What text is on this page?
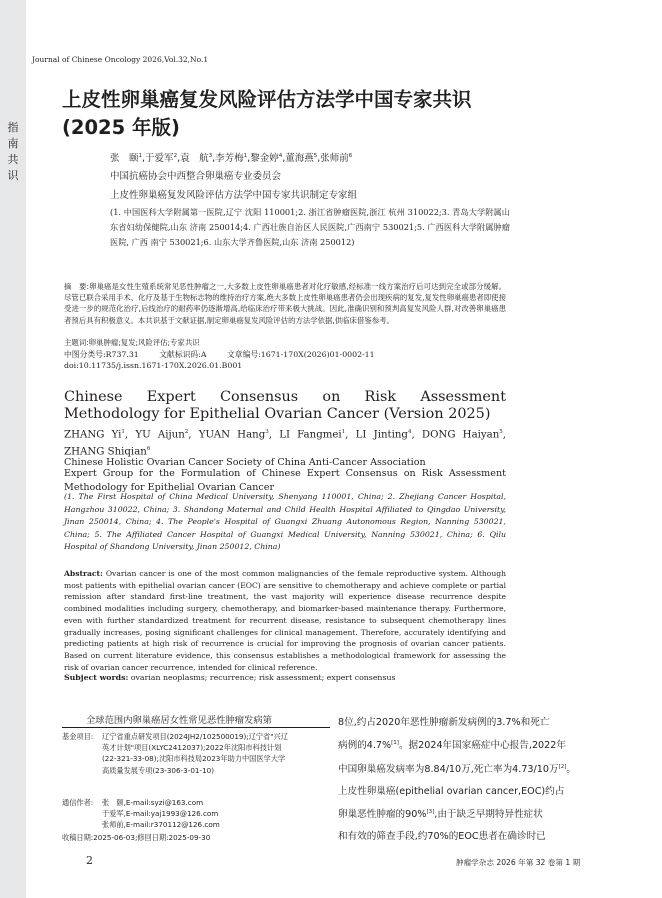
指南共识
Journal of Chinese Oncology 2026,Vol.32,No.1
上皮性卵巢癌复发风险评估方法学中国专家共识(2025 年版)
张　颐$^1$,于爱军$^2$,袁　航$^3$,李芳梅$^1$,黎金婷$^4$,董海燕$^5$,张师前$^6$
中国抗癌协会中西整合卵巢癌专业委员会
上皮性卵巢癌复发风险评估方法学中国专家共识制定专家组
(1. 中国医科大学附属第一医院,辽宁 沈阳 110001;2. 浙江省肿瘤医院,浙江 杭州 310022;3. 青岛大学附属山东省妇幼保健院,山东 济南 250014;4. 广西壮族自治区人民医院,广西南宁 530021;5. 广西医科大学附属肿瘤医院, 广西 南宁 530021;6. 山东大学齐鲁医院,山东 济南 250012)
摘　要:卵巢癌是女性生殖系统常见恶性肿瘤之一,大多数上皮性卵巢癌患者对化疗敏感,经标准一线方案治疗后可达到完全或部分缓解。尽管已联合采用手术、化疗及基于生物标志物的维持治疗方案,绝大多数上皮性卵巢癌患者仍会出现疾病的复发,复发性卵巢癌患者即使接受进一步的规范化治疗,后线治疗的耐药率仍逐渐增高,给临床治疗带来极大挑战。因此,准确识别和预判高复发风险人群,对改善卵巢癌患者预后具有积极意义。本共识基于文献证据,制定卵巢癌复发风险评估的方法学依据,供临床借鉴参考。
主题词:卵巢肿瘤;复发;风险评估;专家共识
中图分类号:R737.31	文献标识码:A	文章编号:1671-170X(2026)01-0002-11
doi:10.11735/j.issn.1671-170X.2026.01.B001
Chinese Expert Consensus on Risk Assessment Methodology for Epithelial Ovarian Cancer (Version 2025)
ZHANG Yi$^1$, YU Aijun$^2$, YUAN Hang$^3$, LI Fangmei$^1$, LI Jinting$^4$, DONG Haiyan$^5$, ZHANG Shiqian$^6$
Chinese Holistic Ovarian Cancer Society of China Anti-Cancer Association
Expert Group for the Formulation of Chinese Expert Consensus on Risk Assessment Methodology for Epithelial Ovarian Cancer
(1. The First Hospital of China Medical University, Shenyang 110001, China; 2. Zhejiang Cancer Hospital, Hangzhou 310022, China; 3. Shandong Maternal and Child Health Hospital Affiliated to Qingdao University, Jinan 250014, China; 4. The People's Hospital of Guangxi Zhuang Autonomous Region, Nanning 530021, China; 5. The Affiliated Cancer Hospital of Guangxi Medical University, Nanning 530021, China; 6. Qilu Hospital of Shandong University, Jinan 250012, China)
Abstract: Ovarian cancer is one of the most common malignancies of the female reproductive system. Although most patients with epithelial ovarian cancer (EOC) are sensitive to chemotherapy and achieve complete or partial remission after standard first-line treatment, the vast majority will experience disease recurrence despite combined modalities including surgery, chemotherapy, and biomarker-based maintenance therapy. Furthermore, even with further standardized treatment for recurrent disease, resistance to subsequent chemotherapy lines gradually increases, posing significant challenges for clinical management. Therefore, accurately identifying and predicting patients at high risk of recurrence is crucial for improving the prognosis of ovarian cancer patients. Based on current literature evidence, this consensus establishes a methodological framework for assessing the risk of ovarian cancer recurrence, intended for clinical reference.
Subject words: ovarian neoplasms; recurrence; risk assessment; expert consensus
全球范围内卵巢癌居女性常见恶性肿瘤发病第
基金项目: 辽宁省重点研发项目(2024JH2/102500019);辽宁省"兴辽
英才计划"项目(XLYC2412037);2022年沈阳市科技计划
(22-321-33-08);沈阳市科技局2023年助力中国医学大学
高质量发展专项(23-306-3-01-10)
通信作者: 张　颐,E-mail:syzi@163.com
于爱军,E-mail:yaj1993@126.com
张师前,E-mail:r370112@126.com
收稿日期:2025-06-03;修回日期:2025-09-30
8位,约占2020年恶性肿瘤新发病例的3.7%和死亡
病例的4.7%[1]。据2024年国家癌症中心报告,2022年
中国卵巢癌发病率为8.84/10万,死亡率为4.73/10万[2]。
上皮性卵巢癌(epithelial ovarian cancer,EOC)约占
卵巢恶性肿瘤的90%[3],由于缺乏早期特异性症状
和有效的筛查手段,约70%的EOC患者在确诊时已
2	肿瘤学杂志 2026 年第 32 卷第 1 期
